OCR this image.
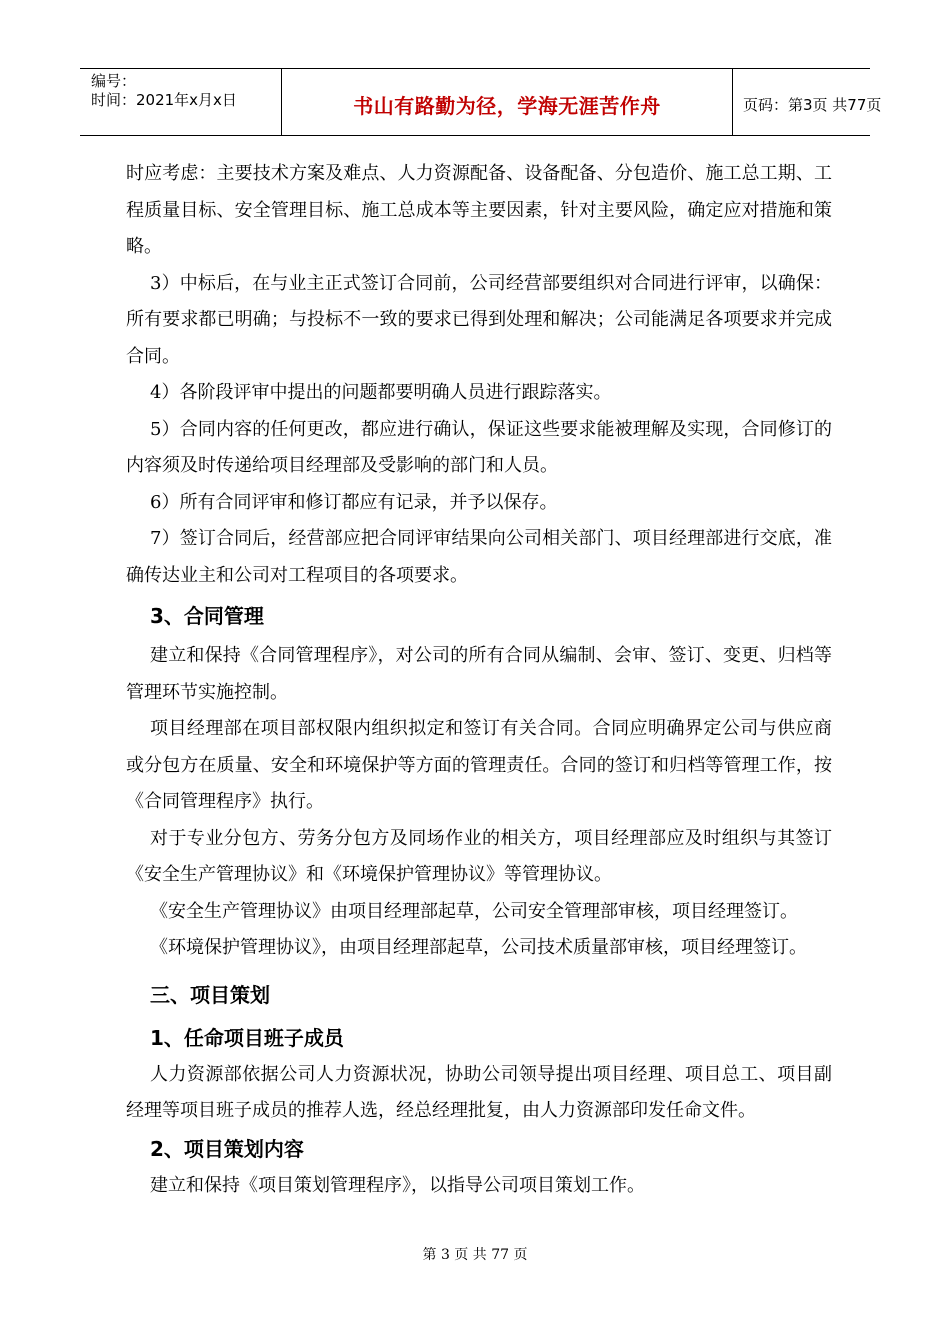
编号：
时间：2021年x月x日	书山有路勤为径，学海无涯苦作舟	页码：第3页 共77页

时应考虑：主要技术方案及难点、人力资源配备、设备配备、分包造价、施工总工期、工程质量目标、安全管理目标、施工总成本等主要因素，针对主要风险，确定应对措施和策略。

3）中标后，在与业主正式签订合同前，公司经营部要组织对合同进行评审，以确保：所有要求都已明确；与投标不一致的要求已得到处理和解决；公司能满足各项要求并完成合同。

4）各阶段评审中提出的问题都要明确人员进行跟踪落实。

5）合同内容的任何更改，都应进行确认，保证这些要求能被理解及实现，合同修订的内容须及时传递给项目经理部及受影响的部门和人员。

6）所有合同评审和修订都应有记录，并予以保存。

7）签订合同后，经营部应把合同评审结果向公司相关部门、项目经理部进行交底，准确传达业主和公司对工程项目的各项要求。

3、合同管理

建立和保持《合同管理程序》，对公司的所有合同从编制、会审、签订、变更、归档等管理环节实施控制。

项目经理部在项目部权限内组织拟定和签订有关合同。合同应明确界定公司与供应商或分包方在质量、安全和环境保护等方面的管理责任。合同的签订和归档等管理工作，按《合同管理程序》执行。

对于专业分包方、劳务分包方及同场作业的相关方，项目经理部应及时组织与其签订《安全生产管理协议》和《环境保护管理协议》等管理协议。

《安全生产管理协议》由项目经理部起草，公司安全管理部审核，项目经理签订。

《环境保护管理协议》，由项目经理部起草，公司技术质量部审核，项目经理签订。

三、项目策划
1、任命项目班子成员

人力资源部依据公司人力资源状况，协助公司领导提出项目经理、项目总工、项目副经理等项目班子成员的推荐人选，经总经理批复，由人力资源部印发任命文件。

2、项目策划内容

建立和保持《项目策划管理程序》，以指导公司项目策划工作。

第 3 页 共 77 页
